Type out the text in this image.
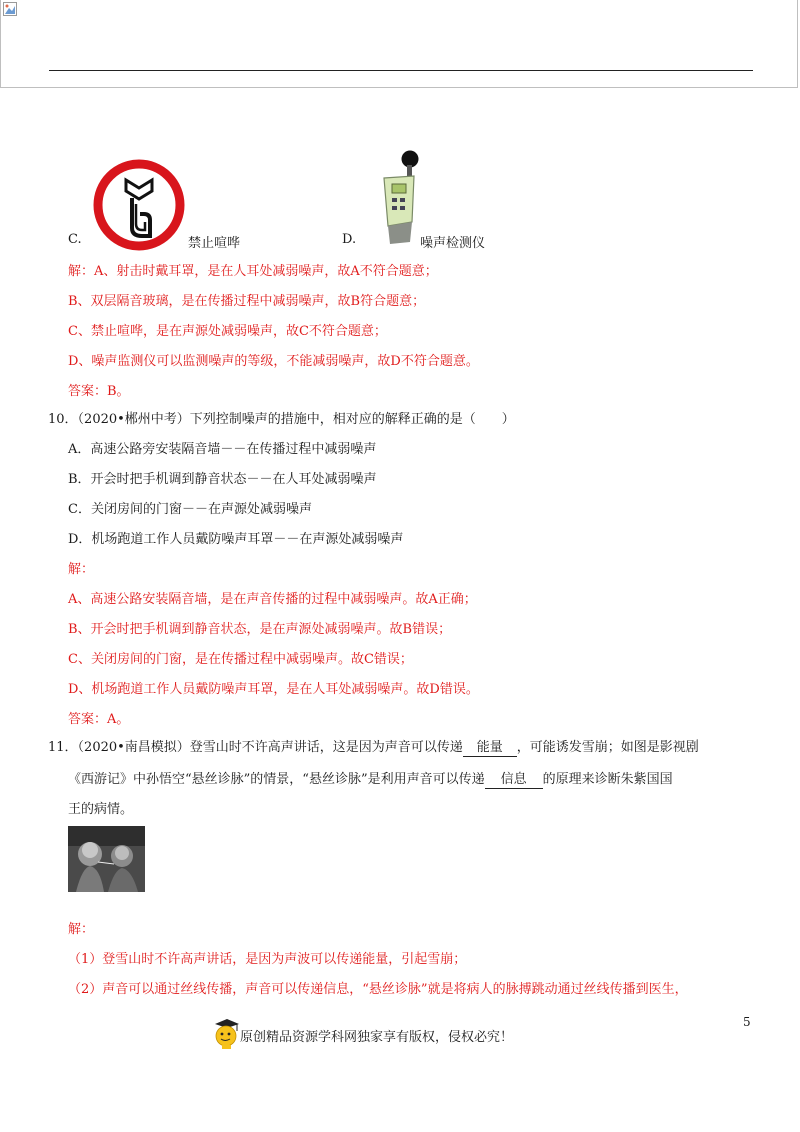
C.	禁止喧哗	D.	噪声检测仪
解：A、射击时戴耳罩，是在人耳处减弱噪声，故A不符合题意；
B、双层隔音玻璃，是在传播过程中减弱噪声，故B符合题意；
C、禁止喧哗，是在声源处减弱噪声，故C不符合题意；
D、噪声监测仪可以监测噪声的等级，不能减弱噪声，故D不符合题意。
答案：B。
10．（2020•郴州中考）下列控制噪声的措施中，相对应的解释正确的是（　　）
A．高速公路旁安装隔音墙－－在传播过程中减弱噪声
B．开会时把手机调到静音状态－－在人耳处减弱噪声
C．关闭房间的门窗－－在声源处减弱噪声
D．机场跑道工作人员戴防噪声耳罩－－在声源处减弱噪声
解：
A、高速公路安装隔音墙，是在声音传播的过程中减弱噪声。故A正确；
B、开会时把手机调到静音状态，是在声源处减弱噪声。故B错误；
C、关闭房间的门窗，是在传播过程中减弱噪声。故C错误；
D、机场跑道工作人员戴防噪声耳罩，是在人耳处减弱噪声。故D错误。
答案：A。
11．（2020•南昌模拟）登雪山时不许高声讲话，这是因为声音可以传递 能量 ，可能诱发雪崩；如图是影视剧
《西游记》中孙悟空“悬丝诊脉”的情景，“悬丝诊脉”是利用声音可以传递 信息 的原理来诊断朱紫国国
王的病情。
解：
（1）登雪山时不许高声讲话，是因为声波可以传递能量，引起雪崩；
（2）声音可以通过丝线传播，声音可以传递信息，“悬丝诊脉”就是将病人的脉搏跳动通过丝线传播到医生，
5
原创精品资源学科网独家享有版权，侵权必究！
